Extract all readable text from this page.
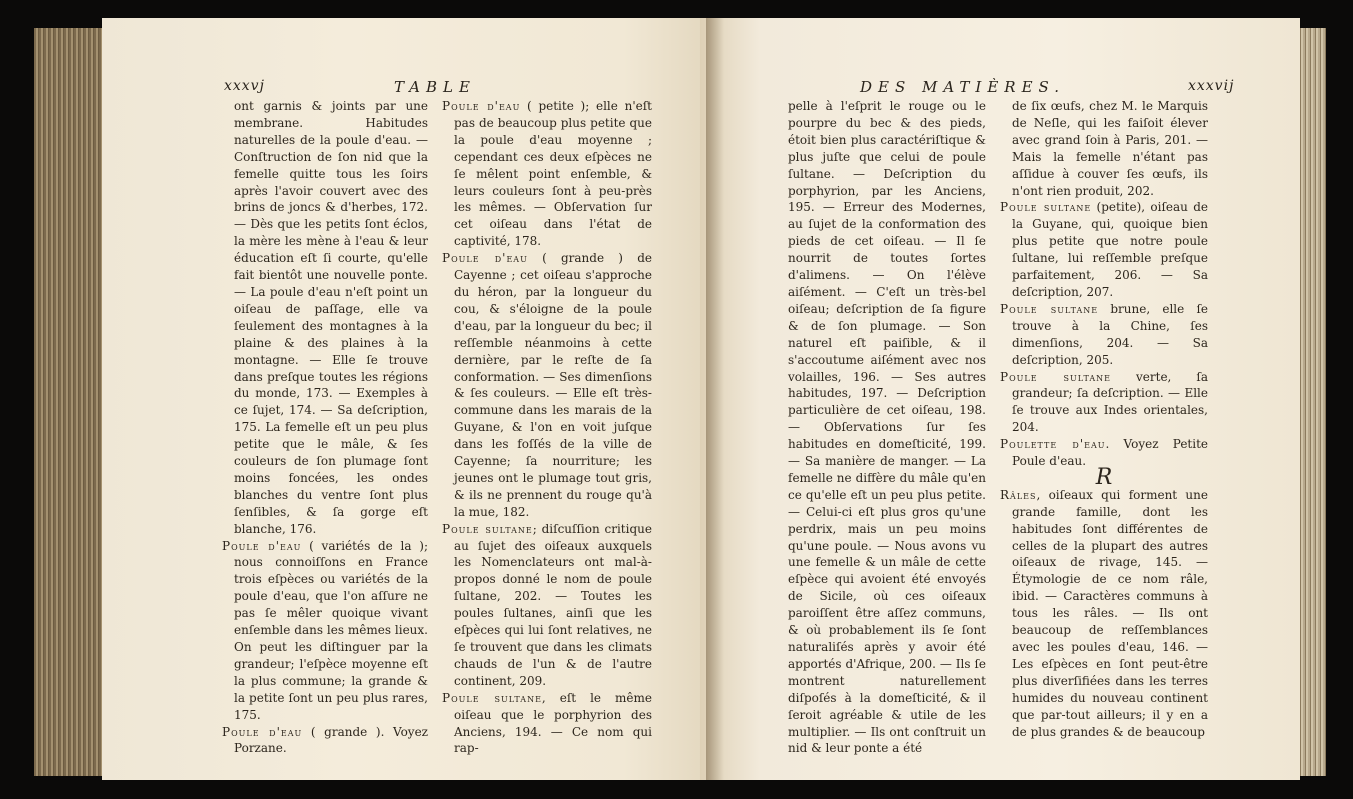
xxxvj	TABLE

ont garnis & joints par une membrane. Habitudes naturelles de la poule d'eau. — Conſtruction de ſon nid que la femelle quitte tous les ſoirs après l'avoir couvert avec des brins de joncs & d'herbes, 172. — Dès que les petits ſont éclos, la mère les mène à l'eau & leur éducation eſt ſi courte, qu'elle fait bientôt une nouvelle ponte. — La poule d'eau n'eſt point un oiſeau de paſſage, elle va ſeulement des montagnes à la plaine & des plaines à la montagne. — Elle ſe trouve dans preſque toutes les régions du monde, 173. — Exemples à ce ſujet, 174. — Sa deſcription, 175. La femelle eſt un peu plus petite que le mâle, & ſes couleurs de ſon plumage ſont moins foncées, les ondes blanches du ventre ſont plus ſenſibles, & ſa gorge eſt blanche, 176.

Poule d'eau ( variétés de la ); nous connoiſſons en France trois eſpèces ou variétés de la poule d'eau, que l'on aſſure ne pas ſe mêler quoique vivant enſemble dans les mêmes lieux. On peut les diſtinguer par la grandeur; l'eſpèce moyenne eſt la plus commune; la grande & la petite ſont un peu plus rares, 175.

Poule d'eau ( grande ). Voyez Porzane.

Poule d'eau ( petite ); elle n'eſt pas de beaucoup plus petite que la poule d'eau moyenne ; cependant ces deux eſpèces ne ſe mêlent point enſemble, & leurs couleurs ſont à peu-près les mêmes. — Obſervation ſur cet oiſeau dans l'état de captivité, 178.

Poule d'eau ( grande ) de Cayenne ; cet oiſeau s'approche du héron, par la longueur du cou, & s'éloigne de la poule d'eau, par la longueur du bec; il reſſemble néanmoins à cette dernière, par le reſte de ſa conformation. — Ses dimenſions & ſes couleurs. — Elle eſt très-commune dans les marais de la Guyane, & l'on en voit juſque dans les foſſés de la ville de Cayenne; ſa nourriture; les jeunes ont le plumage tout gris, & ils ne prennent du rouge qu'à la mue, 182.

Poule sultane; diſcuſſion critique au ſujet des oiſeaux auxquels les Nomenclateurs ont mal-à-propos donné le nom de poule ſultane, 202. — Toutes les poules ſultanes, ainſi que les eſpèces qui lui ſont relatives, ne ſe trouvent que dans les climats chauds de l'un & de l'autre continent, 209.

Poule sultane, eſt le même oiſeau que le porphyrion des Anciens, 194. — Ce nom qui rap-

DES MATIÈRES.	xxxvij

pelle à l'eſprit le rouge ou le pourpre du bec & des pieds, étoit bien plus caractériſtique & plus juſte que celui de poule ſultane. — Deſcription du porphyrion, par les Anciens, 195. — Erreur des Modernes, au ſujet de la conformation des pieds de cet oiſeau. — Il ſe nourrit de toutes ſortes d'alimens. — On l'élève aiſément. — C'eſt un très-bel oiſeau; deſcription de ſa figure & de ſon plumage. — Son naturel eſt paiſible, & il s'accoutume aiſément avec nos volailles, 196. — Ses autres habitudes, 197. — Deſcription particulière de cet oiſeau, 198. — Obſervations ſur ſes habitudes en domeſticité, 199. — Sa manière de manger. — La femelle ne diffère du mâle qu'en ce qu'elle eſt un peu plus petite. — Celui-ci eſt plus gros qu'une perdrix, mais un peu moins qu'une poule. — Nous avons vu une femelle & un mâle de cette eſpèce qui avoient été envoyés de Sicile, où ces oiſeaux paroiſſent être aſſez communs, & où probablement ils ſe ſont naturaliſés après y avoir été apportés d'Afrique, 200. — Ils ſe montrent naturellement diſpoſés à la domeſticité, & il ſeroit agréable & utile de les multiplier. — Ils ont conſtruit un nid & leur ponte a été

de ſix œufs, chez M. le Marquis de Neſle, qui les faiſoit élever avec grand ſoin à Paris, 201. — Mais la femelle n'étant pas aſſidue à couver ſes œufs, ils n'ont rien produit, 202.

Poule sultane (petite), oiſeau de la Guyane, qui, quoique bien plus petite que notre poule ſultane, lui reſſemble preſque parfaitement, 206. — Sa deſcription, 207.

Poule sultane brune, elle ſe trouve à la Chine, ſes dimenſions, 204. — Sa deſcription, 205.

Poule sultane verte, ſa grandeur; ſa deſcription. — Elle ſe trouve aux Indes orientales, 204.

Poulette d'eau. Voyez Petite Poule d'eau.

R

Râles, oiſeaux qui forment une grande famille, dont les habitudes ſont différentes de celles de la plupart des autres oiſeaux de rivage, 145. — Étymologie de ce nom râle, ibid. — Caractères communs à tous les râles. — Ils ont beaucoup de reſſemblances avec les poules d'eau, 146. — Les eſpèces en ſont peut-être plus diverſifiées dans les terres humides du nouveau continent que par-tout ailleurs; il y en a de plus grandes & de beaucoup
